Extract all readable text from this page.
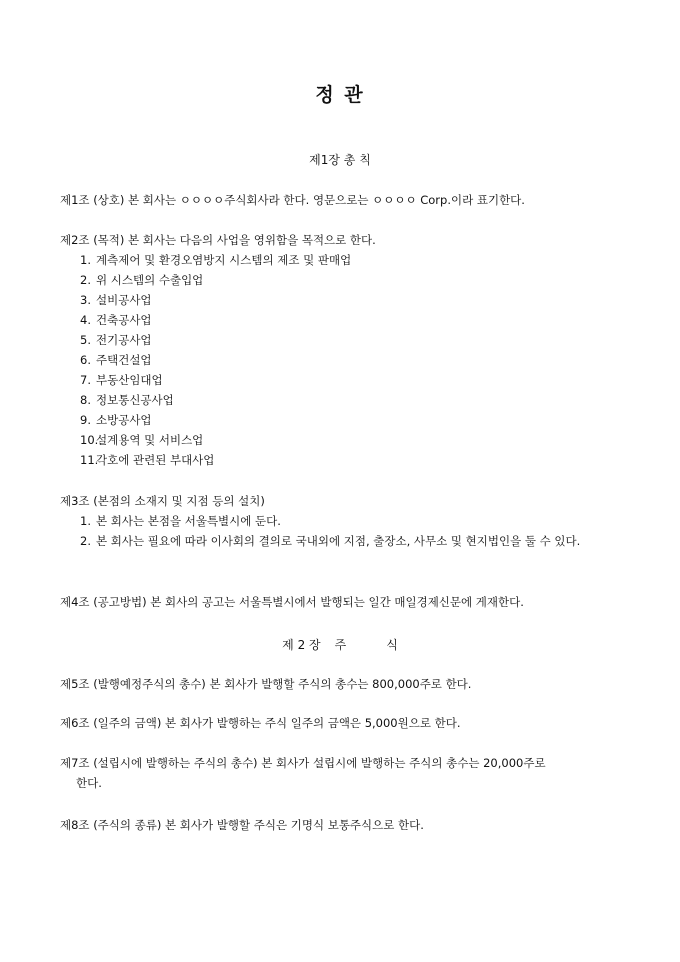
정 관
제1장 총 칙
제1조 (상호) 본 회사는 ㅇㅇㅇㅇ주식회사라 한다. 영문으로는 ㅇㅇㅇㅇ Corp.이라 표기한다.
제2조 (목적) 본 회사는 다음의 사업을 영위함을 목적으로 한다.
1. 계측제어 및 환경오염방지 시스템의 제조 및 판매업
2. 위 시스템의 수출입업
3. 설비공사업
4. 건축공사업
5. 전기공사업
6. 주택건설업
7. 부동산임대업
8. 정보통신공사업
9. 소방공사업
10.
설계용역 및 서비스업
11.
각호에 관련된 부대사업
제3조 (본점의 소재지 및 지점 등의 설치)
1. 본 회사는 본점을 서울특별시에 둔다.
2. 본 회사는 필요에 따라 이사회의 결의로 국내외에 지점, 출장소, 사무소 및 현지법인을 둘 수 있다.
제4조 (공고방법) 본 회사의 공고는 서울특별시에서 발행되는 일간 매일경제신문에 게재한다.
제 2 장 주	식
제5조 (발행예정주식의 총수) 본 회사가 발행할 주식의 총수는 800,000주로 한다.
제6조 (일주의 금액) 본 회사가 발행하는 주식 일주의 금액은 5,000원으로 한다.
제7조 (설립시에 발행하는 주식의 총수) 본 회사가 설립시에 발행하는 주식의 총수는 20,000주로
한다.
제8조 (주식의 종류) 본 회사가 발행할 주식은 기명식 보통주식으로 한다.
